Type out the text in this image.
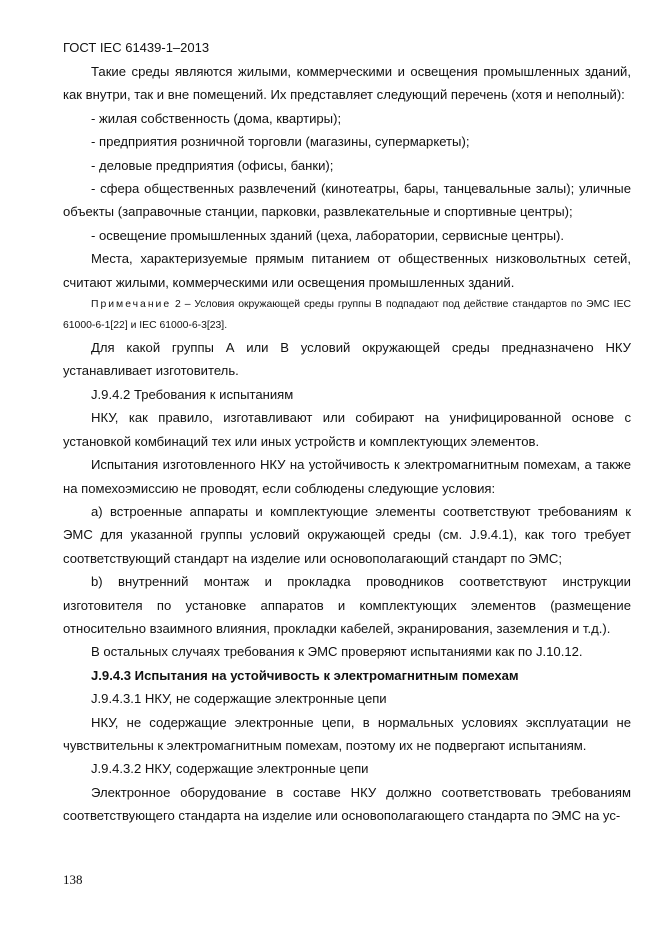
ГОСТ IEC 61439-1–2013

Такие среды являются жилыми, коммерческими и освещения промышленных зданий, как внутри, так и вне помещений. Их представляет следующий перечень (хотя и неполный):

- жилая собственность (дома, квартиры);

- предприятия розничной торговли (магазины, супермаркеты);

- деловые предприятия (офисы, банки);

- сфера общественных развлечений (кинотеатры, бары, танцевальные залы); уличные объекты (заправочные станции, парковки, развлекательные и спортивные центры);

- освещение промышленных зданий (цеха, лаборатории, сервисные центры).

Места, характеризуемые прямым питанием от общественных низковольтных сетей, считают жилыми, коммерческими или освещения промышленных зданий.

Примечание 2 – Условия окружающей среды группы В подпадают под действие стандартов по ЭМС IEC 61000-6-1[22] и IEC 61000-6-3[23].

Для какой группы А или В условий окружающей среды предназначено НКУ устанавливает изготовитель.

J.9.4.2 Требования к испытаниям

НКУ, как правило, изготавливают или собирают на унифицированной основе с установкой комбинаций тех или иных устройств и комплектующих элементов.

Испытания изготовленного НКУ на устойчивость к электромагнитным помехам, а также на помехоэмиссию не проводят, если соблюдены следующие условия:

a) встроенные аппараты и комплектующие элементы соответствуют требованиям к ЭМС для указанной группы условий окружающей среды (см. J.9.4.1), как того требует соответствующий стандарт на изделие или основополагающий стандарт по ЭМС;

b) внутренний монтаж и прокладка проводников соответствуют инструкции изготовителя по установке аппаратов и комплектующих элементов (размещение относительно взаимного влияния, прокладки кабелей, экранирования, заземления и т.д.).

В остальных случаях требования к ЭМС проверяют испытаниями как по J.10.12.

J.9.4.3 Испытания на устойчивость к электромагнитным помехам

J.9.4.3.1 НКУ, не содержащие электронные цепи

НКУ, не содержащие электронные цепи, в нормальных условиях эксплуатации не чувствительны к электромагнитным помехам, поэтому их не подвергают испытаниям.

J.9.4.3.2 НКУ, содержащие электронные цепи

Электронное оборудование в составе НКУ должно соответствовать требованиям соответствующего стандарта на изделие или основополагающего стандарта по ЭМС на ус-

138
